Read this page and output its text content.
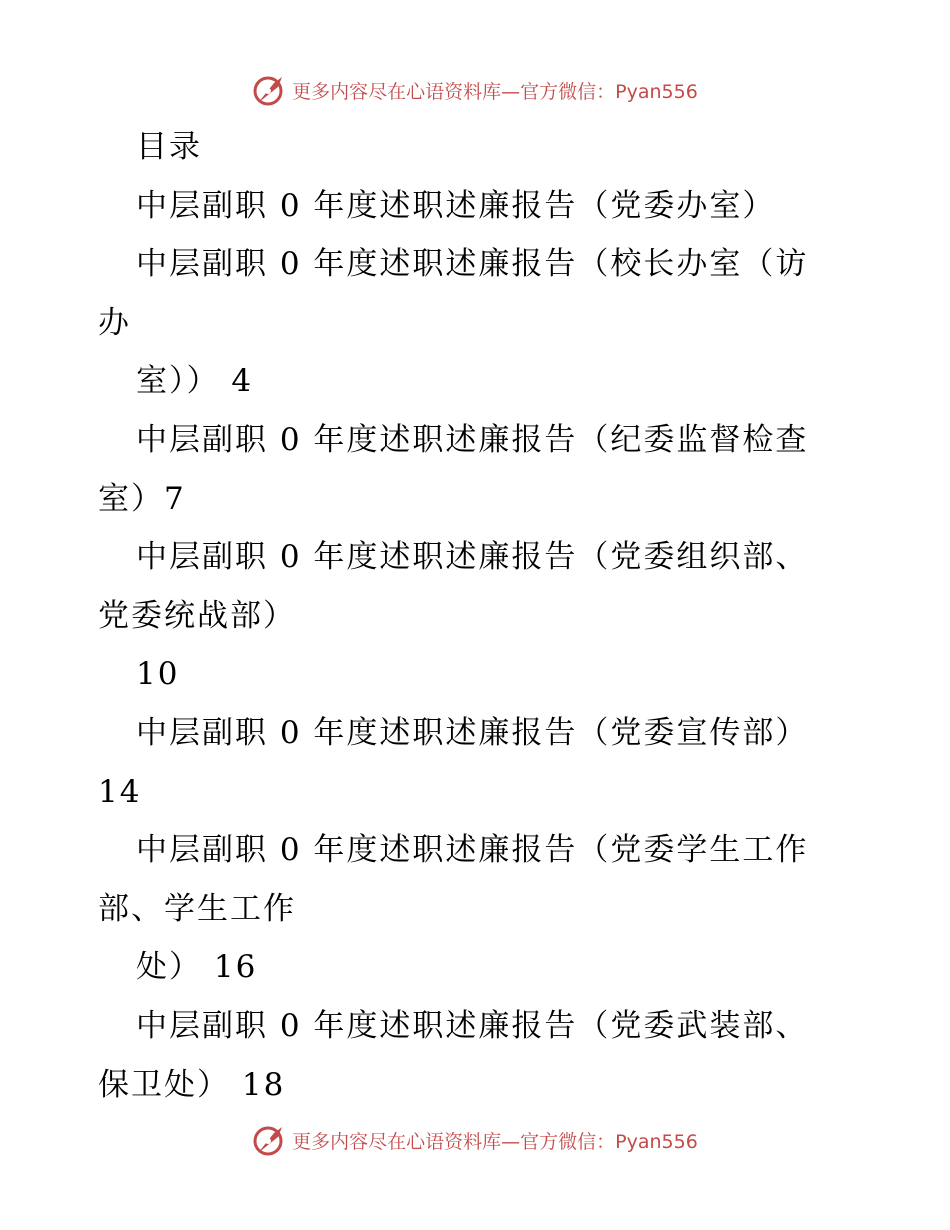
更多内容尽在心语资料库—官方微信：Pyan556
目录
中层副职 0 年度述职述廉报告（党委办室）
中层副职 0 年度述职述廉报告（校长办室（访
办
室）） 4
中层副职 0 年度述职述廉报告（纪委监督检查
室）7
中层副职 0 年度述职述廉报告（党委组织部、
党委统战部）
10
中层副职 0 年度述职述廉报告（党委宣传部）
14
中层副职 0 年度述职述廉报告（党委学生工作
部、学生工作
处） 16
中层副职 0 年度述职述廉报告（党委武装部、
保卫处） 18
更多内容尽在心语资料库—官方微信：Pyan556
